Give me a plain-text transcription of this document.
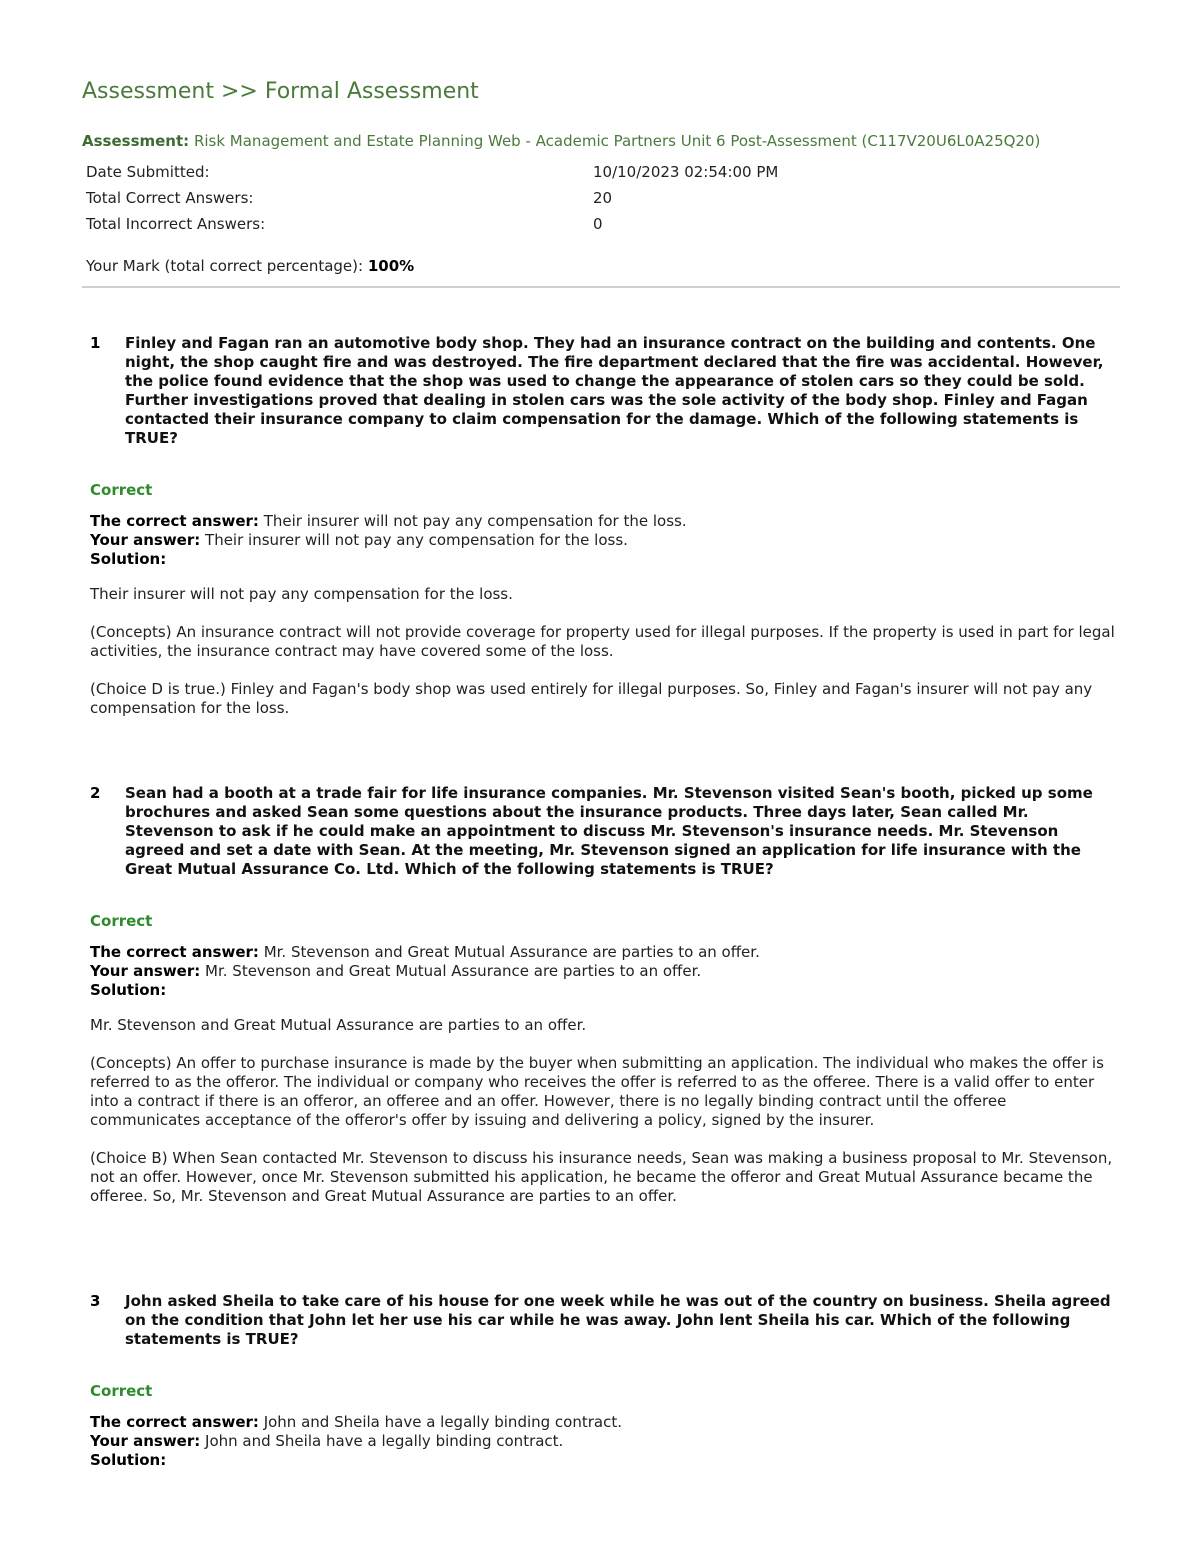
Assessment >> Formal Assessment
Assessment: Risk Management and Estate Planning Web - Academic Partners Unit 6 Post-Assessment (C117V20U6L0A25Q20)
Date Submitted:	10/10/2023 02:54:00 PM
Total Correct Answers:	20
Total Incorrect Answers:	0
Your Mark (total correct percentage): 100%
1	Finley and Fagan ran an automotive body shop. They had an insurance contract on the building and contents. One night, the shop caught fire and was destroyed. The fire department declared that the fire was accidental. However, the police found evidence that the shop was used to change the appearance of stolen cars so they could be sold. Further investigations proved that dealing in stolen cars was the sole activity of the body shop. Finley and Fagan contacted their insurance company to claim compensation for the damage. Which of the following statements is TRUE?
Correct
The correct answer: Their insurer will not pay any compensation for the loss.
Your answer: Their insurer will not pay any compensation for the loss.
Solution:

Their insurer will not pay any compensation for the loss.

(Concepts) An insurance contract will not provide coverage for property used for illegal purposes. If the property is used in part for legal activities, the insurance contract may have covered some of the loss.

(Choice D is true.) Finley and Fagan's body shop was used entirely for illegal purposes. So, Finley and Fagan's insurer will not pay any compensation for the loss.

2	Sean had a booth at a trade fair for life insurance companies. Mr. Stevenson visited Sean's booth, picked up some brochures and asked Sean some questions about the insurance products. Three days later, Sean called Mr. Stevenson to ask if he could make an appointment to discuss Mr. Stevenson's insurance needs. Mr. Stevenson agreed and set a date with Sean. At the meeting, Mr. Stevenson signed an application for life insurance with the Great Mutual Assurance Co. Ltd. Which of the following statements is TRUE?
Correct
The correct answer: Mr. Stevenson and Great Mutual Assurance are parties to an offer.
Your answer: Mr. Stevenson and Great Mutual Assurance are parties to an offer.
Solution:

Mr. Stevenson and Great Mutual Assurance are parties to an offer.

(Concepts) An offer to purchase insurance is made by the buyer when submitting an application. The individual who makes the offer is referred to as the offeror. The individual or company who receives the offer is referred to as the offeree. There is a valid offer to enter into a contract if there is an offeror, an offeree and an offer. However, there is no legally binding contract until the offeree communicates acceptance of the offeror's offer by issuing and delivering a policy, signed by the insurer.

(Choice B) When Sean contacted Mr. Stevenson to discuss his insurance needs, Sean was making a business proposal to Mr. Stevenson, not an offer. However, once Mr. Stevenson submitted his application, he became the offeror and Great Mutual Assurance became the offeree. So, Mr. Stevenson and Great Mutual Assurance are parties to an offer.

3	John asked Sheila to take care of his house for one week while he was out of the country on business. Sheila agreed on the condition that John let her use his car while he was away. John lent Sheila his car. Which of the following statements is TRUE?
Correct
The correct answer: John and Sheila have a legally binding contract.
Your answer: John and Sheila have a legally binding contract.
Solution:
